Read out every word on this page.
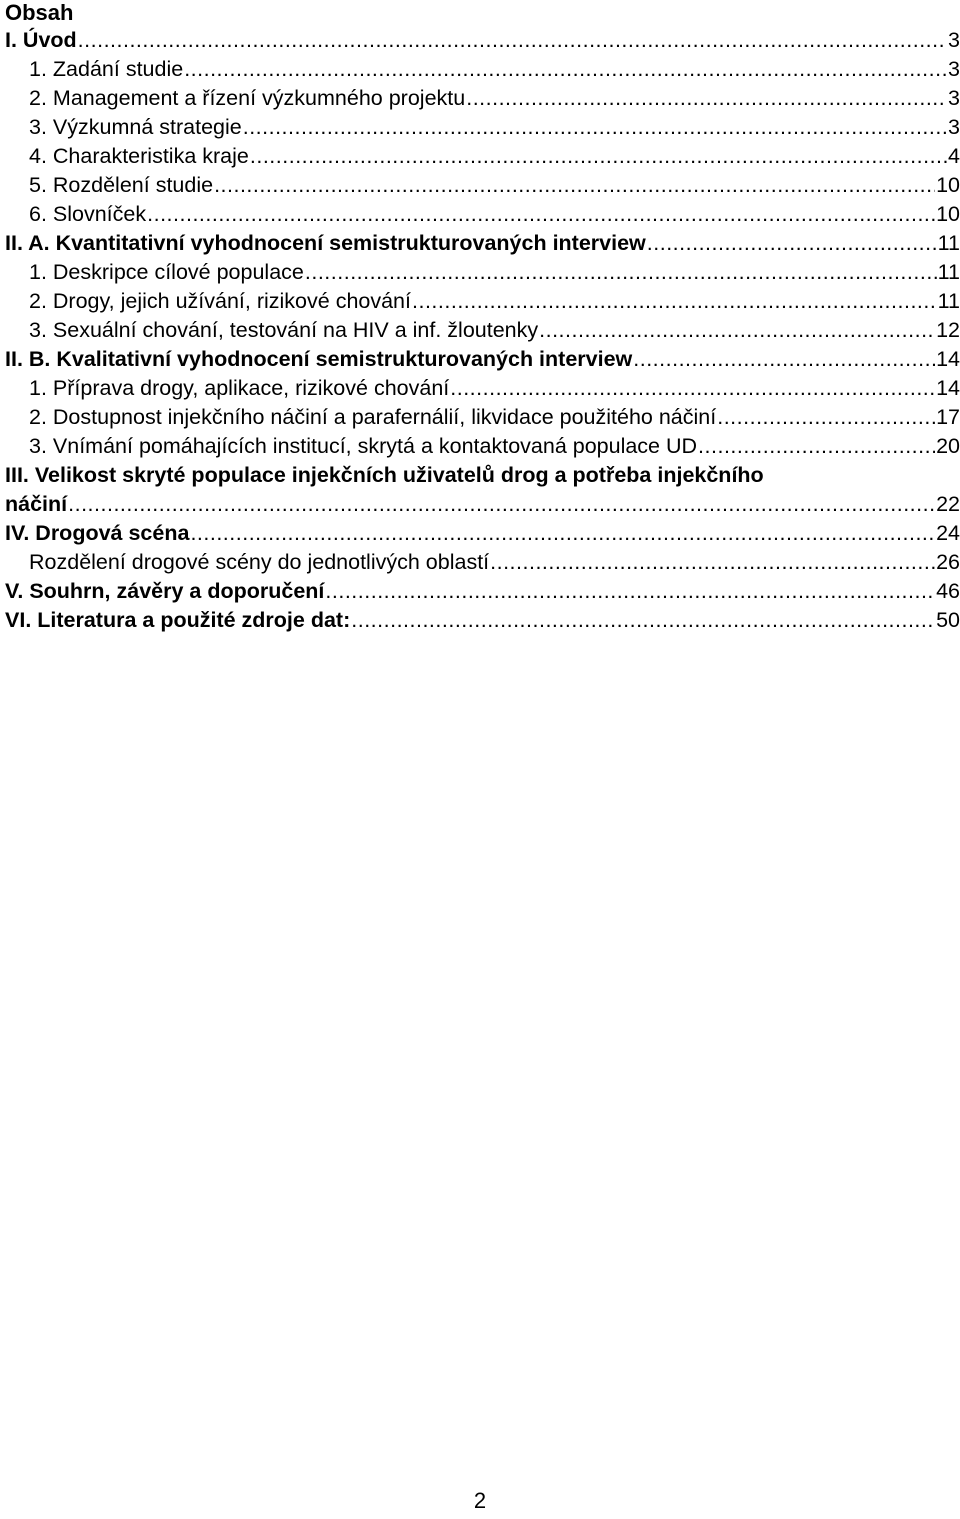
Obsah
I. Úvod .....	3
1. Zadání studie .....	3
2. Management a řízení výzkumného projektu .....	3
3. Výzkumná strategie .....	3
4. Charakteristika kraje .....	4
5. Rozdělení studie .....	10
6. Slovníček .....	10
II. A. Kvantitativní vyhodnocení semistrukturovaných interview .....	11
1. Deskripce cílové populace .....	11
2. Drogy, jejich užívání, rizikové chování .....	11
3. Sexuální chování, testování na HIV a inf. žloutenky .....	12
II. B. Kvalitativní vyhodnocení semistrukturovaných interview .....	14
1. Příprava drogy, aplikace, rizikové chování .....	14
2. Dostupnost injekčního náčiní a parafernálií, likvidace použitého náčiní .....	17
3. Vnímání pomáhajících institucí, skrytá a kontaktovaná populace UD .....	20
III. Velikost skryté populace injekčních uživatelů drog a potřeba injekčního
náčiní .....	22
IV. Drogová scéna .....	24
Rozdělení drogové scény do jednotlivých oblastí .....	26
V. Souhrn, závěry a doporučení .....	46
VI. Literatura a použité zdroje dat: .....	50
2
